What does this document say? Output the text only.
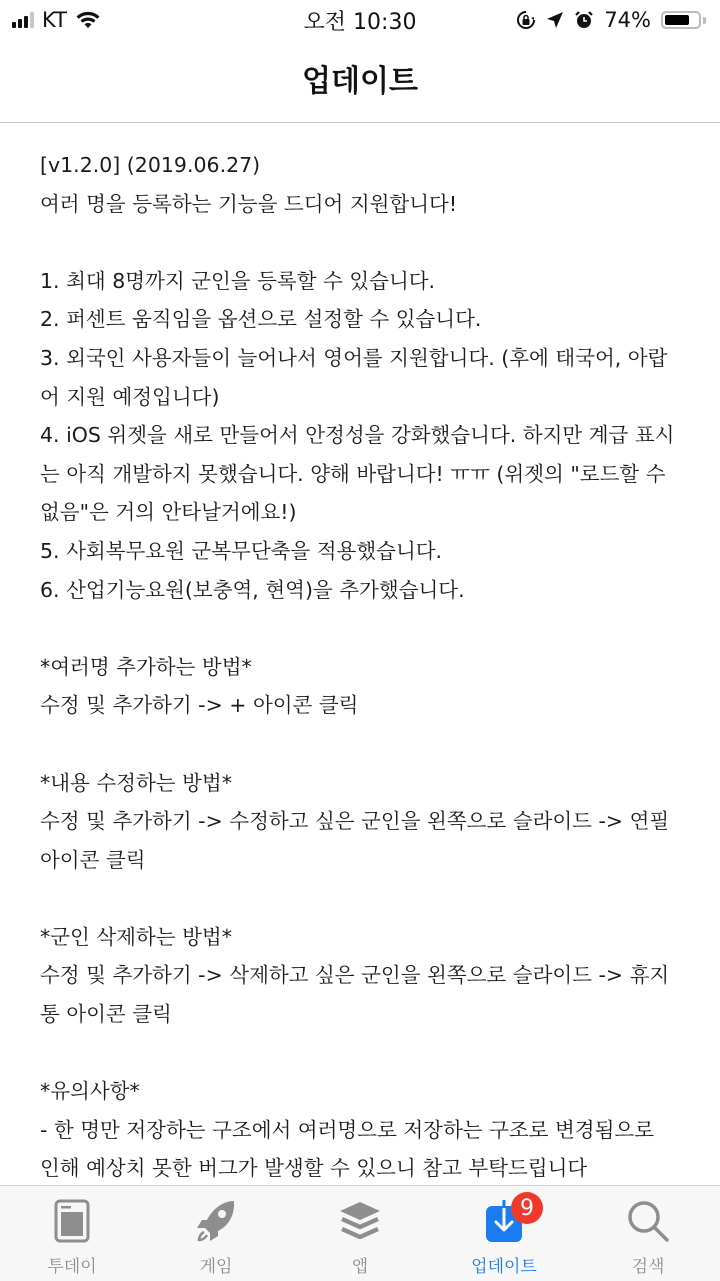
KT	오전 10:30	74%
업데이트

[v1.2.0] (2019.06.27)

여러 명을 등록하는 기능을 드디어 지원합니다!

1. 최대 8명까지 군인을 등록할 수 있습니다.

2. 퍼센트 움직임을 옵션으로 설정할 수 있습니다.

3. 외국인 사용자들이 늘어나서 영어를 지원합니다. (후에 태국어, 아랍

어 지원 예정입니다)

4. iOS 위젯을 새로 만들어서 안정성을 강화했습니다. 하지만 계급 표시

는 아직 개발하지 못했습니다. 양해 바랍니다! ㅠㅠ (위젯의 "로드할 수

없음"은 거의 안타날거에요!)

5. 사회복무요원 군복무단축을 적용했습니다.

6. 산업기능요원(보충역, 현역)을 추가했습니다.

*여러명 추가하는 방법*

수정 및 추가하기 -> + 아이콘 클릭

*내용 수정하는 방법*

수정 및 추가하기 -> 수정하고 싶은 군인을 왼쪽으로 슬라이드 -> 연필

아이콘 클릭

*군인 삭제하는 방법*

수정 및 추가하기 -> 삭제하고 싶은 군인을 왼쪽으로 슬라이드 -> 휴지

통 아이콘 클릭

*유의사항*

- 한 명만 저장하는 구조에서 여러명으로 저장하는 구조로 변경됨으로

인해 예상치 못한 버그가 발생할 수 있으니 참고 부탁드립니다

투데이	게임	앱
9
업데이트	검색
